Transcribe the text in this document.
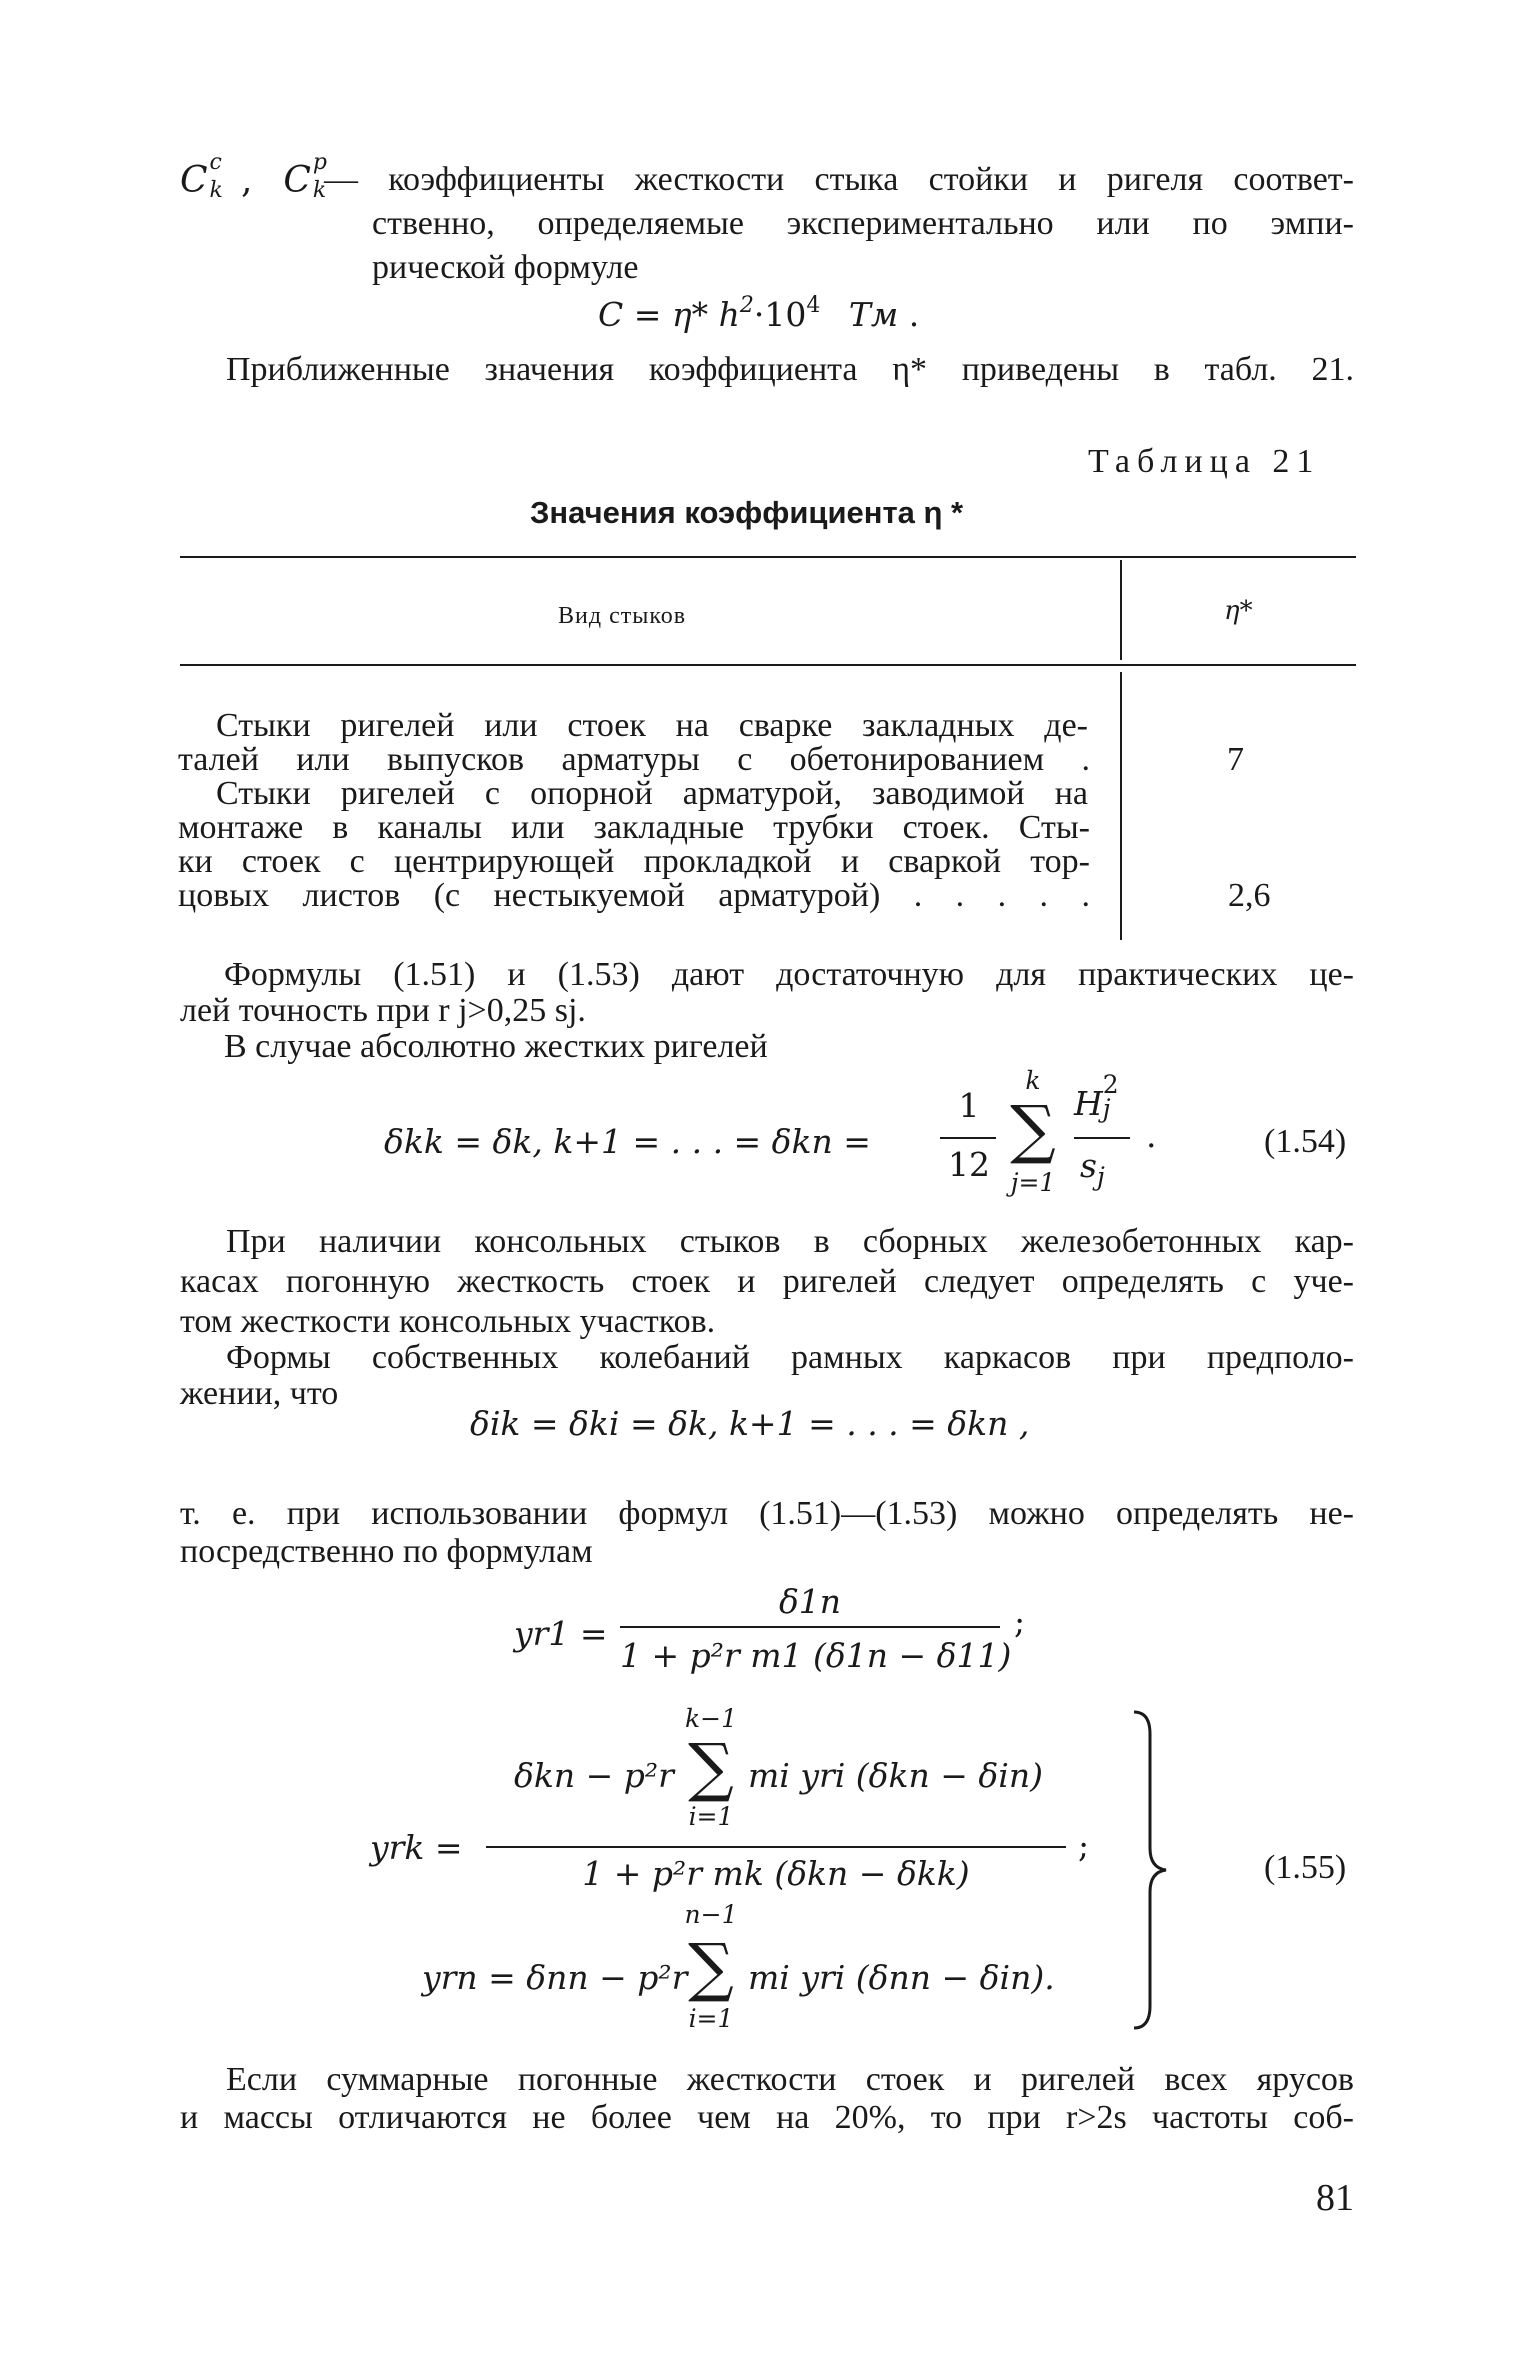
C c
k , C р
k
— коэффициенты жесткости стыка стойки и ригеля соответ-
ственно, определяемые экспериментально или по эмпи-
рической формуле
C = η* $h^2\cdot 10^4$ Тм .
Приближенные значения коэффициента η* приведены в табл. 21.
Таблица 21
Значения коэффициента η *
Вид стыков	η*
Стыки ригелей или стоек на сварке закладных де-
талей или выпусков арматуры с обетонированием .	7
Стыки ригелей с опорной арматурой, заводимой на
монтаже в каналы или закладные трубки стоек. Сты-
ки стоек с центрирующей прокладкой и сваркой тор-
цовых листов (с нестыкуемой арматурой) . . . . .	2,6
Формулы (1.51) и (1.53) дают достаточную для практических це-
лей точность при r j>0,25 sj.
В случае абсолютно жестких ригелей
δkk = δk, k+1 = . . . = δkn =
1
12
k
∑
j=1
H 2
j
$s_j$
.	(1.54)
При наличии консольных стыков в сборных железобетонных кар-
касах погонную жесткость стоек и ригелей следует определять с уче-
том жесткости консольных участков.
Формы собственных колебаний рамных каркасов при предполо-
жении, что
δik = δki = δk, k+1 = . . . = δkn ,
т. е. при использовании формул (1.51)—(1.53) можно определять не-
посредственно по формулам
yr1 =
δ1n
1 + p²r m1 (δ1n − δ11)
;
k−1
δkn − p²r ∑ mi yri (δkn − δin)
i=1
yrk =
1 + p²r mk (δkn − δkk)
;
n−1
yrn = δnn − p²r ∑ mi yri (δnn − δin).
i=1
(1.55)
Если суммарные погонные жесткости стоек и ригелей всех ярусов
и массы отличаются не более чем на 20%, то при r>2s частоты соб-
81
